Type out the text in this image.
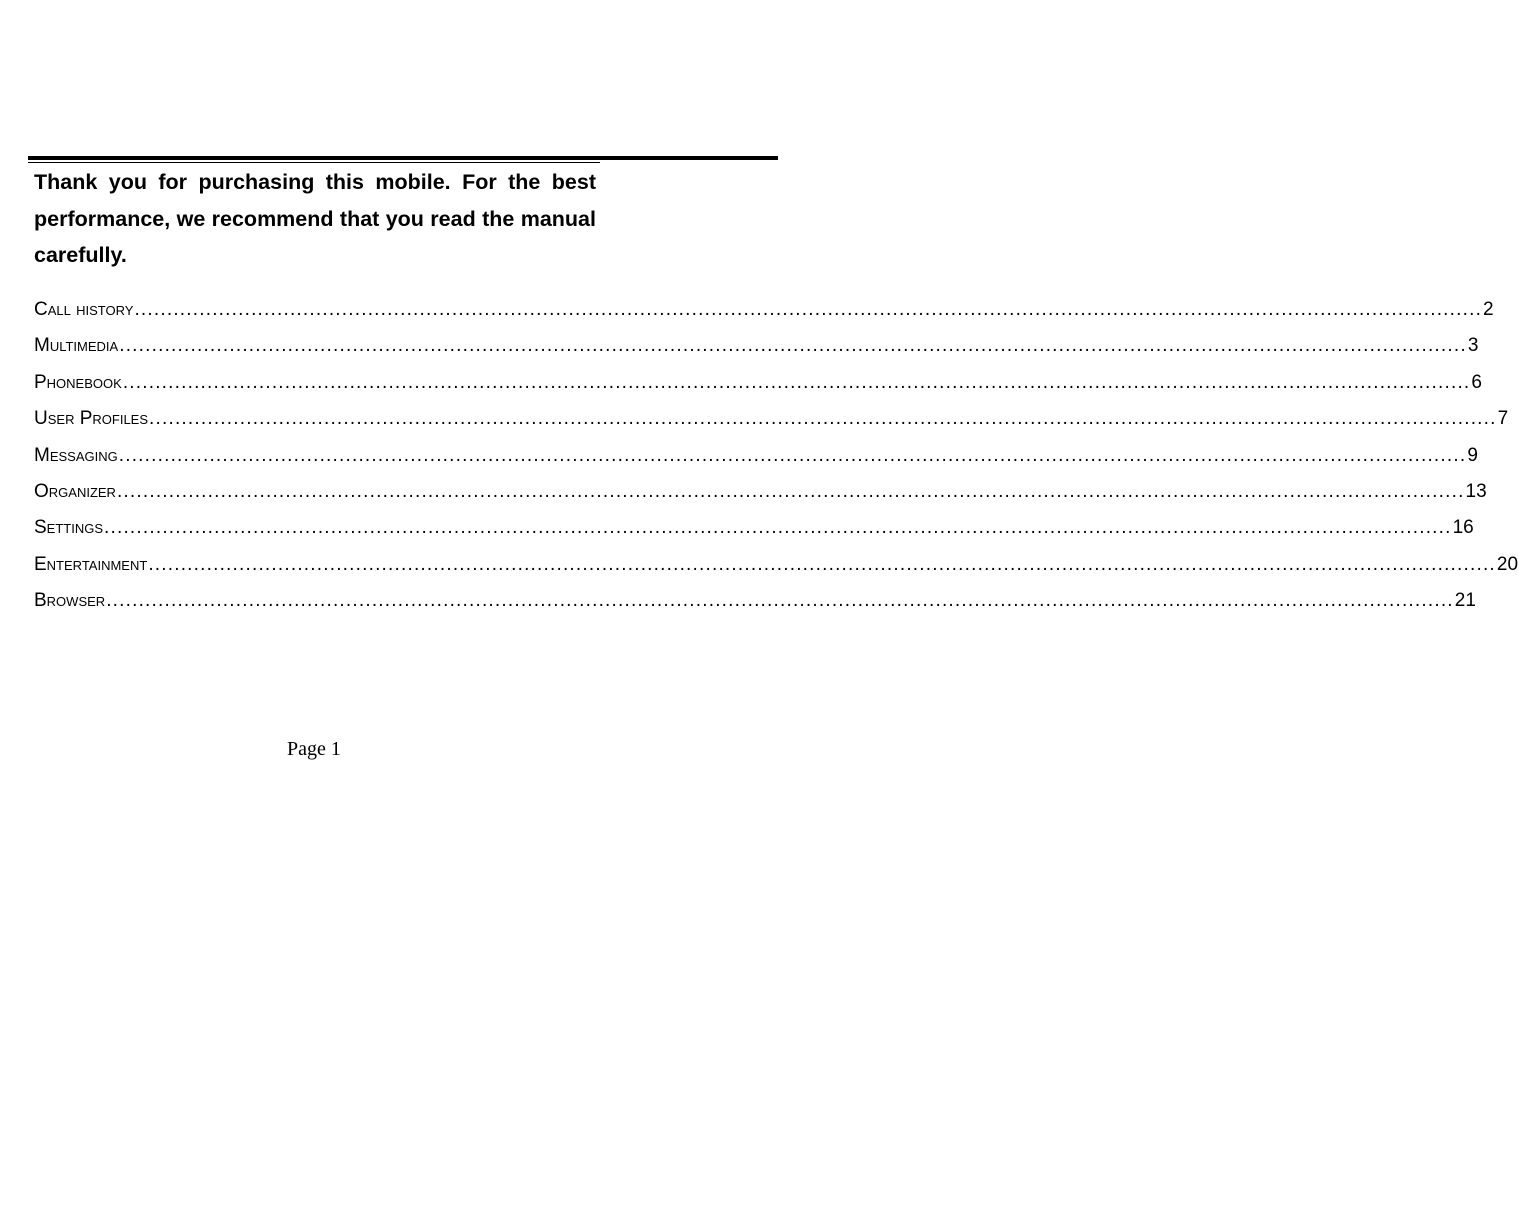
Thank you for purchasing this mobile. For the best performance, we recommend that you read the manual carefully.

Call history ................................................................................................................................................................................................................ 2
Multimedia ................................................................................................................................................................................................................ 3
Phonebook ................................................................................................................................................................................................................ 6
User Profiles ................................................................................................................................................................................................................ 7
Messaging ................................................................................................................................................................................................................ 9
Organizer ................................................................................................................................................................................................................ 13
Settings ................................................................................................................................................................................................................ 16
Entertainment ................................................................................................................................................................................................................ 20
Browser ................................................................................................................................................................................................................ 21
Page 1
